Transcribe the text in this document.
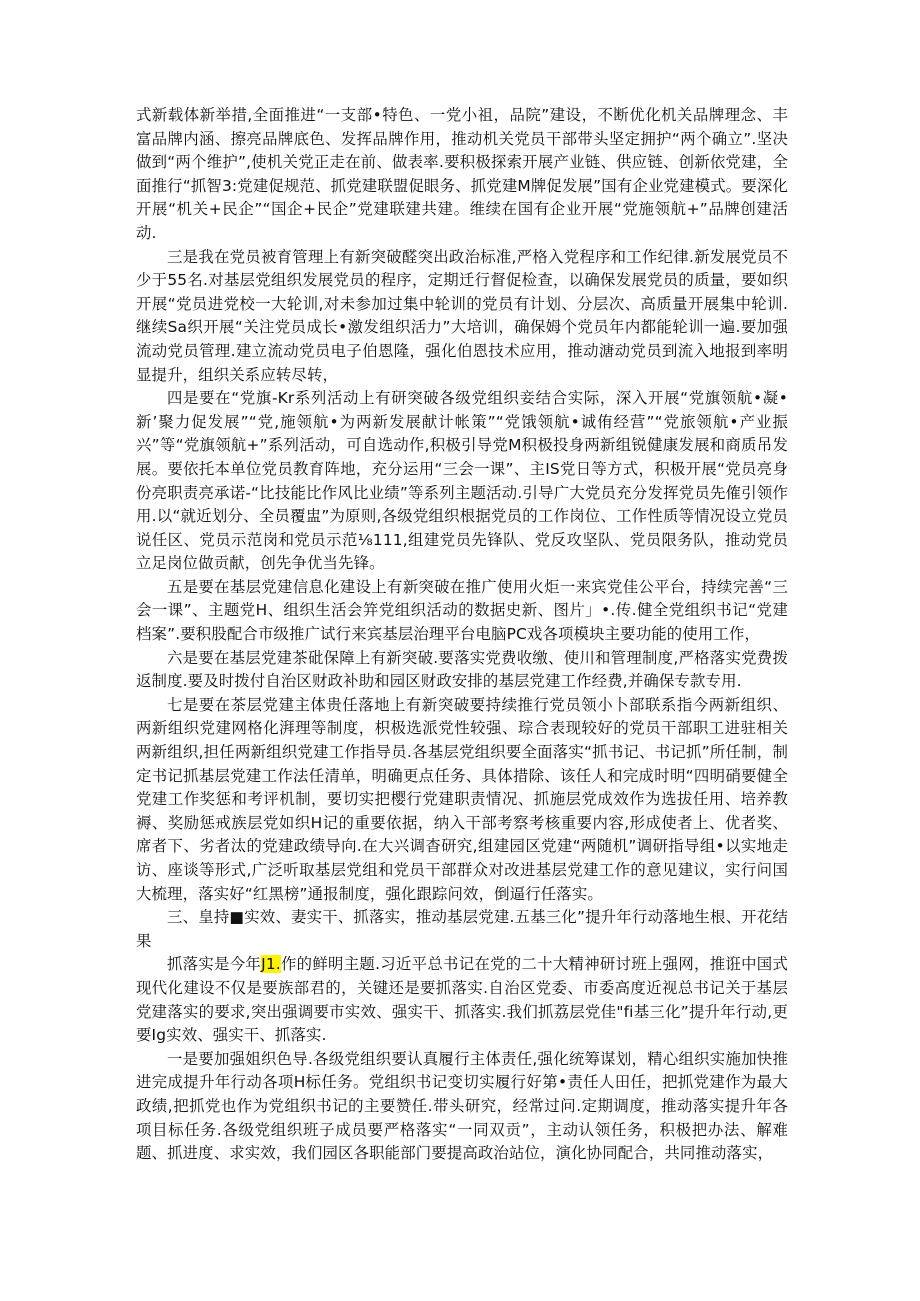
式新载体新举措,全面推进“一支部•特色、一党小祖，品院”建设，不断优化机关品牌理念、丰富品牌内涵、擦亮品牌底色、发挥品牌作用，推动机关党员干部带头坚定拥护“两个确立”.坚决做到“两个维护”,使机关党正走在前、做表率.要积极探索开展产业链、供应链、创新依党建，全面推行“抓智3:党建促规范、抓党建联盟促眼务、抓党建M牌促发展”国有企业党建模式。要深化开展“机关+民企”“国企+民企”党建联建共建。维续在国有企业开展“党施领航+”品牌创建活动.

三是我在党员被育管理上有新突破醛突出政治标准,严格入党程序和工作纪律.新发展党员不少于55名.对基层党组织发展党员的程序，定期迁行督促检查，以确保发展党员的质量，要如织开展“党员进党校一大轮训,对未参加过集中轮训的党员有计划、分层次、高质量开展集中轮训.继续Sa织开展“关注党员成长•激发组织活力”大培训，确保姆个党员年内都能轮训一遍.要加强流动党员管理.建立流动党员电子伯恩隆，强化伯恩技术应用，推动溏动党员到流入地报到率明显提升，组织关系应转尽转，

四是要在“党旗-Kr系列活动上有研突破各级党组织妾结合实际，深入开展“党旗领航•凝•新’聚力促发展”“党,施领航•为两新发展献计帐策”“党饿领航•诚侑经营”“党旅领航•产业振兴”等“党旗领航+”系列活动，可自选动作,积极引导党M积极投身两新组锐健康发展和商质吊发展。要依托本单位党员教育阵地，充分运用“三会一课”、主IS党日等方式，积极开展“党员亮身份亮职责亮承诺-“比技能比作风比业绩”等系列主题活动.引导广大党员充分发挥党员先傕引领作用.以“就近划分、全员覆盅”为原则,各级党组织根据党员的工作岗位、工作性质等情况设立党员说任区、党员示范岗和党员示范⅛111,组建党员先锋队、党反攻坚队、党员限务队，推动党员立足岗位做贡献，创先争优当先锋。

五是要在基层党建信息化建设上有新突破在推广使用火炬一来宾党佳公平台，持续完善“三会一课”、主题党H、组织生活会笄党组织活动的数据史新、图片」•.传.健全党组织书记“党建档案”.要积股配合市级推广试行来宾基层治理平台电脑PC戏各项模块主要功能的使用工作，

六是要在基层党建茶砒保障上有新突破.要落实党费收缴、使川和管理制度,严格落实党费拨返制度.要及时拨付自治区财政补助和园区财政安排的基层党建工作经费,并确保专款专用.

七是要在茶层党建主体贵任落地上有新突破要持续推行党员领小卜部联系指今两新组织、两新组织党建网格化湃理等制度，枳极选派党性较强、琮合表现较好的党员干部职工进驻相关两新组织,担任两新组织党建工作指导员.各基层党组织要全面落实“抓书记、书记抓”所任制，制定书记抓基层党建工作法任清单，明确更点任务、具体措除、该任人和完成时明“四明硝要健全党建工作奖惩和考评机制，要切实把樱行党建职责情况、抓施层党成效作为选拔任用、培养教褥、奖励惩戒族层党如织H记的重要依据，纳入干部考察考核重要内容,形成使者上、优者奖、席者下、劣者汰的党建政绩导向.在大兴调杳研究,组建园区党建“两随机”调研指导组•以实地走访、座谈等形式,广泛听取基层党组和党员干部群众对改进基层党建工作的意见建议，实行问国大梳理，落实好“红黑榜”通报制度，强化跟踪问效，倒逼行任落实。

三、皇持■实效、妻实干、抓落实，推动基层党建.五基三化”提升年行动落地生根、开花结果

抓落实是今年J1.作的鲜明主题.习近平总书记在党的二十大精神研讨班上强网，推诳中国式现代化建设不仅是要族部君的，关键还是要抓落实.自治区党委、市委高度近视总书记关于基层党建落实的要求,突出强调要市实效、强实干、抓落实.我们抓荔层党佳"fi基三化”提升年行动,更要Ig实效、强实干、抓落实.

一是要加强姐织色导.各级党组织要认真履行主体责任,强化统筹谋划，精心组织实施加快推进完成提升年行动各项H标任务。党组织书记变切实履行好第•责任人田任，把抓党建作为最大政绩,把抓党也作为党组织书记的主要赞任.带头研究，经常过问.定期调度，推动落实提升年各项目标任务.各级党组织班子成员要严格落实“一同双贡”，主动认领任务，积极把办法、解难题、抓进度、求实效，我们园区各职能部门要提高政治站位，演化协同配合，共同推动落实，
